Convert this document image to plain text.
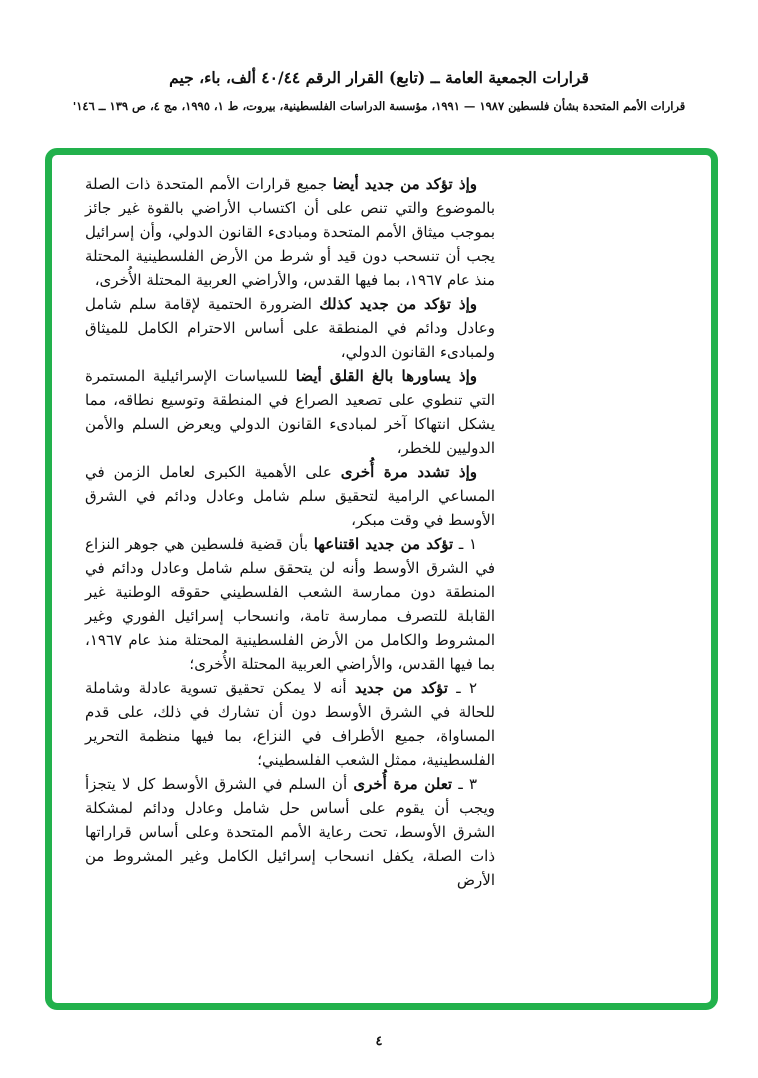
قرارات الجمعية العامة ــ (تابع) القرار الرقم ٤٠/٤٤ ألف، باء، جيم

قرارات الأمم المتحدة بشأن فلسطين ١٩٨٧ — ١٩٩١، مؤسسة الدراسات الفلسطينية، بيروت، ط ١، ١٩٩٥، مج ٤، ص ١٣٩ ــ ١٤٦'

وإذ تؤكد من جديد أيضا جميع قرارات الأمم المتحدة ذات الصلة بالموضوع والتي تنص على أن اكتساب الأراضي بالقوة غير جائز بموجب ميثاق الأمم المتحدة ومبادىء القانون الدولي، وأن إسرائيل يجب أن تنسحب دون قيد أو شرط من الأرض الفلسطينية المحتلة منذ عام ١٩٦٧، بما فيها القدس، والأراضي العربية المحتلة الأُخرى،

وإذ تؤكد من جديد كذلك الضرورة الحتمية لإقامة سلم شامل وعادل ودائم في المنطقة على أساس الاحترام الكامل للميثاق ولمبادىء القانون الدولي،

وإذ يساورها بالغ القلق أيضا للسياسات الإسرائيلية المستمرة التي تنطوي على تصعيد الصراع في المنطقة وتوسيع نطاقه، مما يشكل انتهاكا آخر لمبادىء القانون الدولي ويعرض السلم والأمن الدوليين للخطر،

وإذ تشدد مرة أُخرى على الأهمية الكبرى لعامل الزمن في المساعي الرامية لتحقيق سلم شامل وعادل ودائم في الشرق الأوسط في وقت مبكر،

١ ـ تؤكد من جديد اقتناعها بأن قضية فلسطين هي جوهر النزاع في الشرق الأوسط وأنه لن يتحقق سلم شامل وعادل ودائم في المنطقة دون ممارسة الشعب الفلسطيني حقوقه الوطنية غير القابلة للتصرف ممارسة تامة، وانسحاب إسرائيل الفوري وغير المشروط والكامل من الأرض الفلسطينية المحتلة منذ عام ١٩٦٧، بما فيها القدس، والأراضي العربية المحتلة الأُخرى؛

٢ ـ تؤكد من جديد أنه لا يمكن تحقيق تسوية عادلة وشاملة للحالة في الشرق الأوسط دون أن تشارك في ذلك، على قدم المساواة، جميع الأطراف في النزاع، بما فيها منظمة التحرير الفلسطينية، ممثل الشعب الفلسطيني؛

٣ ـ تعلن مرة أُخرى أن السلم في الشرق الأوسط كل لا يتجزأ ويجب أن يقوم على أساس حل شامل وعادل ودائم لمشكلة الشرق الأوسط، تحت رعاية الأمم المتحدة وعلى أساس قراراتها ذات الصلة، يكفل انسحاب إسرائيل الكامل وغير المشروط من الأرض

٤
